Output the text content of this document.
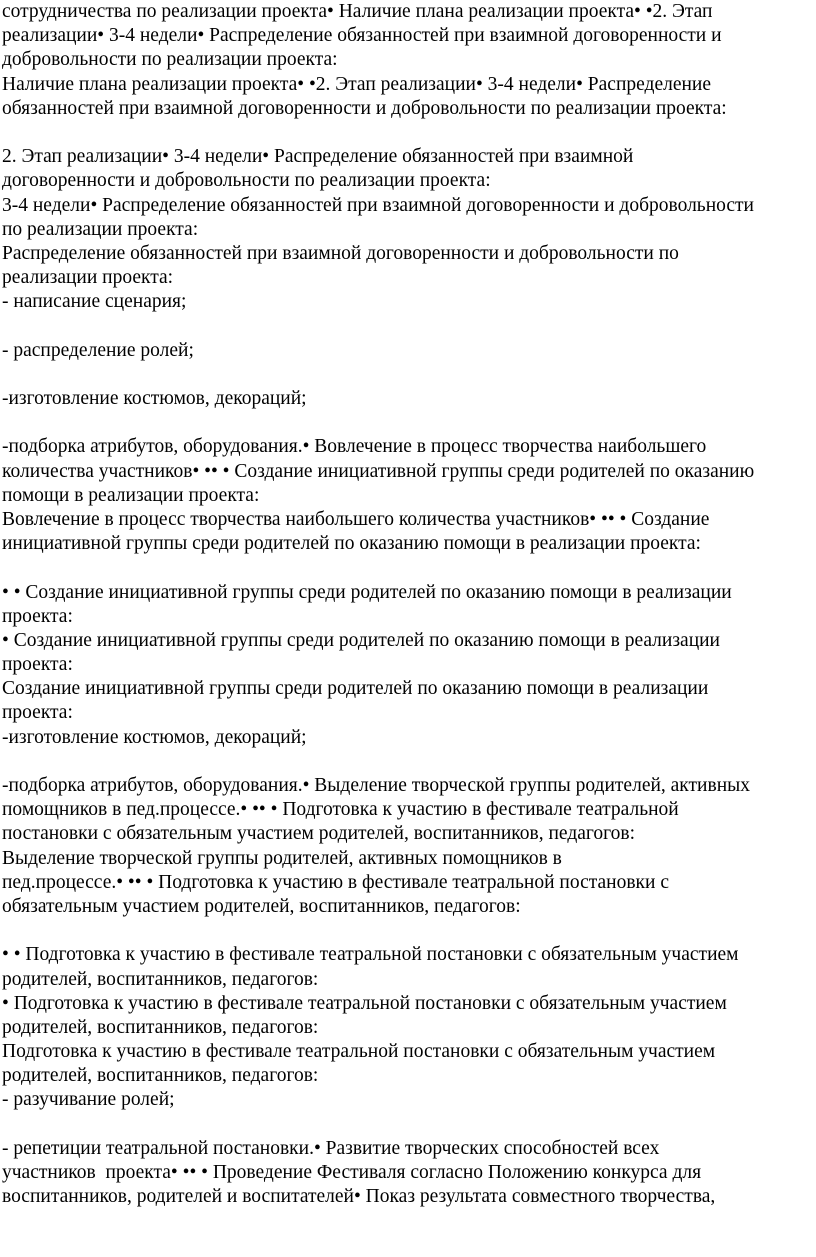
сотрудничества по реализации проекта• Наличие плана реализации проекта• •2. Этап
реализации• 3-4 недели• Распределение обязанностей при взаимной договоренности и
добровольности по реализации проекта:
Наличие плана реализации проекта• •2. Этап реализации• 3-4 недели• Распределение
обязанностей при взаимной договоренности и добровольности по реализации проекта:
2. Этап реализации• 3-4 недели• Распределение обязанностей при взаимной
договоренности и добровольности по реализации проекта:
3-4 недели• Распределение обязанностей при взаимной договоренности и добровольности
по реализации проекта:
Распределение обязанностей при взаимной договоренности и добровольности по
реализации проекта:
- написание сценария;
- распределение ролей;
-изготовление костюмов, декораций;
-подборка атрибутов, оборудования.• Вовлечение в процесс творчества наибольшего
количества участников• •• • Создание инициативной группы среди родителей по оказанию
помощи в реализации проекта:
Вовлечение в процесс творчества наибольшего количества участников• •• • Создание
инициативной группы среди родителей по оказанию помощи в реализации проекта:
• • Создание инициативной группы среди родителей по оказанию помощи в реализации
проекта:
• Создание инициативной группы среди родителей по оказанию помощи в реализации
проекта:
Создание инициативной группы среди родителей по оказанию помощи в реализации
проекта:
-изготовление костюмов, декораций;
-подборка атрибутов, оборудования.• Выделение творческой группы родителей, активных
помощников в пед.процессе.• •• • Подготовка к участию в фестивале театральной
постановки с обязательным участием родителей, воспитанников, педагогов:
Выделение творческой группы родителей, активных помощников в
пед.процессе.• •• • Подготовка к участию в фестивале театральной постановки с
обязательным участием родителей, воспитанников, педагогов:
• • Подготовка к участию в фестивале театральной постановки с обязательным участием
родителей, воспитанников, педагогов:
• Подготовка к участию в фестивале театральной постановки с обязательным участием
родителей, воспитанников, педагогов:
Подготовка к участию в фестивале театральной постановки с обязательным участием
родителей, воспитанников, педагогов:
- разучивание ролей;
- репетиции театральной постановки.• Развитие творческих способностей всех
участников  проекта• •• • Проведение Фестиваля согласно Положению конкурса для
воспитанников, родителей и воспитателей• Показ результата совместного творчества,
